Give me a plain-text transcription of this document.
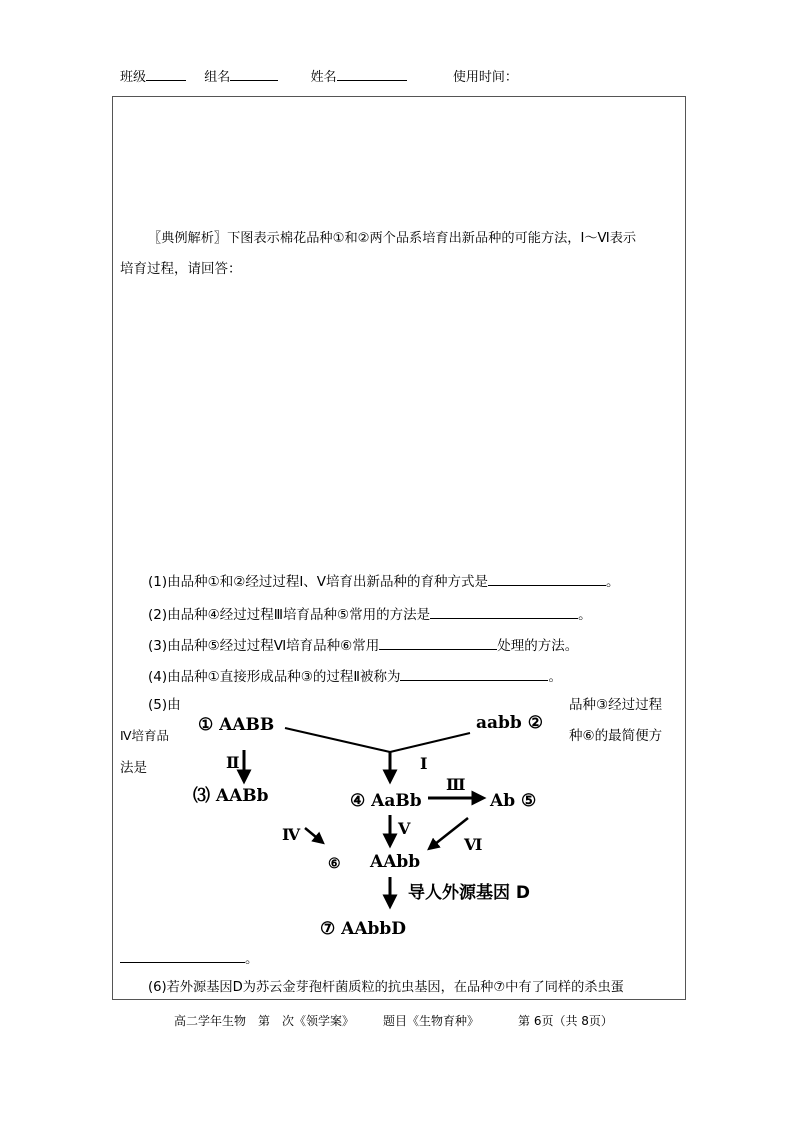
班级	组名	姓名	使用时间：
〖典例解析〗下图表示棉花品种①和②两个品系培育出新品种的可能方法，Ⅰ～Ⅵ表示
培育过程，请回答：
(1)由品种①和②经过过程Ⅰ、Ⅴ培育出新品种的育种方式是	。
(2)由品种④经过过程Ⅲ培育品种⑤常用的方法是	。
(3)由品种⑤经过过程Ⅵ培育品种⑥常用	处理的方法。
(4)由品种①直接形成品种③的过程Ⅱ被称为	。
(5)由	品种③经过过程
Ⅳ培育品	种⑥的最简便方
法是
① AABB	aabb ②
⑶ AABb	④ AaBb	Ab ⑤
⑥ AAbb
⑦ AAbbD
Ⅰ
Ⅱ
Ⅲ
Ⅳ	Ⅴ
Ⅵ
导人外源基因 D
。
(6)若外源基因D为苏云金芽孢杆菌质粒的抗虫基因，在品种⑦中有了同样的杀虫蛋
高二学年生物　第　次《领学案》 题目《生物育种》	第 6页（共 8页）
